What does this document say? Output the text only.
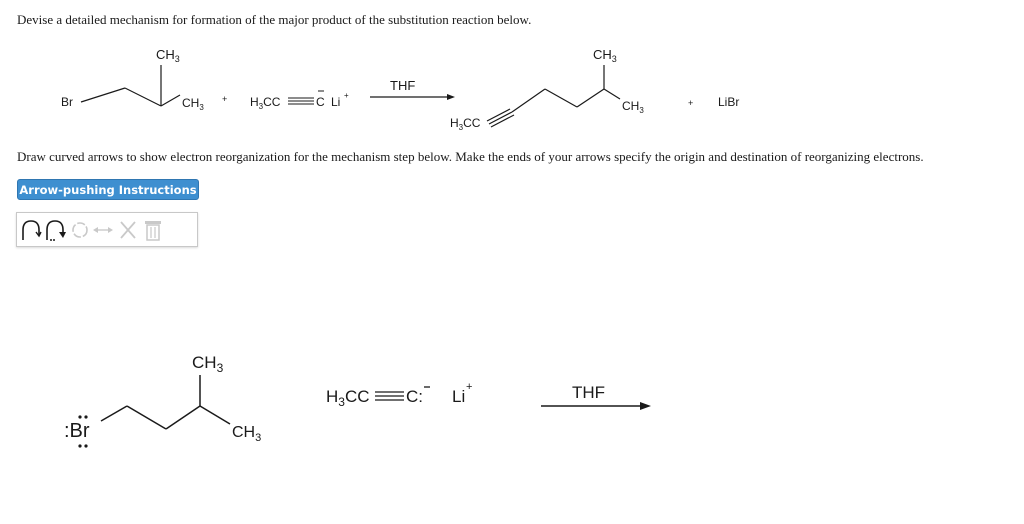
Devise a detailed mechanism for formation of the major product of the substitution reaction below.
Br
$CH_3$
$CH_3$
+ $H_3CC$	C Li +
THF
$CH_3$
$CH_3$
$H_3CC$
+ LiBr
Draw curved arrows to show electron reorganization for the mechanism step below. Make the ends of your arrows specify the origin and destination of reorganizing electrons.
Arrow-pushing Instructions
:Br
$CH_3$
$CH_3$
$H_3CC$ C: Li +	THF
